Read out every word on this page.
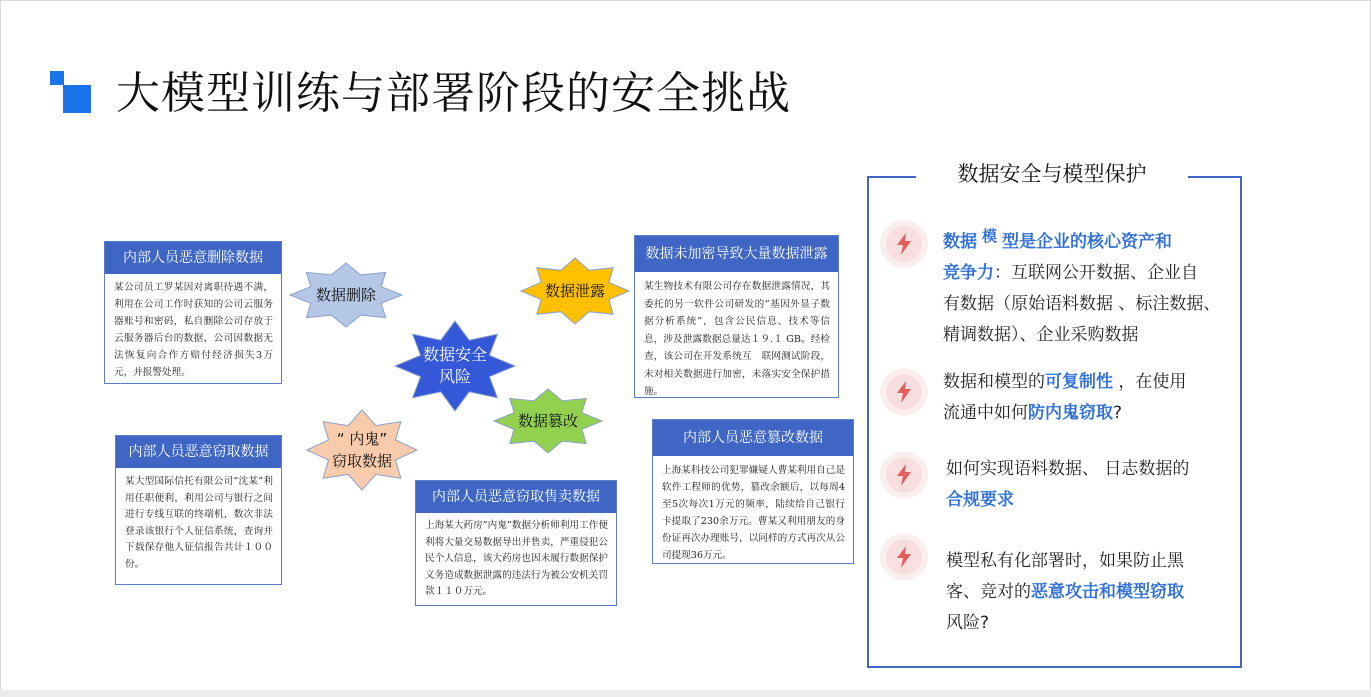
大模型训练与部署阶段的安全挑战
数据安全
风险
数据删除	数据泄露
数据篡改
“ 内鬼”
窃取数据
内部人员恶意删除数据
某公司员工罗某因对离职待遇不满，利用在公司工作时获知的公司云服务器账号和密码，私自删除公司存放于云服务器后台的数据，公司因数据无法恢复向合作方赔付经济损失3万元，并报警处理。
数据未加密导致大量数据泄露
某生物技术有限公司存在数据泄露情况，其委托的另一软件公司研发的”基因外显子数据分析系统”，包含公民信息、技术等信息，涉及泄露数据总量达１９.１ GB。经检查，该公司在开发系统互　联网测试阶段，未对相关数据进行加密，未落实安全保护措施。
内部人员恶意窃取数据
某大型国际信托有限公司”沈某”利用任职便利，利用公司与银行之间进行专线互联的终端机，数次非法登录该银行个人征信系统，查询并下载保存他人征信报告共计１００份。
内部人员恶意窃取售卖数据
上海某大药房”内鬼”数据分析师利用工作便利将大量交易数据导出并售卖，严重侵犯公民个人信息，该大药房也因未履行数据保护义务造成数据泄露的违法行为被公安机关罚款１１０万元。
内部人员恶意篡改数据
上海某科技公司犯罪嫌疑人曹某利用自己是软件工程师的优势，篡改余额后，以每周4至5次每次1万元的频率，陆续给自己银行卡提取了230余万元。曹某又利用朋友的身份证再次办理账号，以同样的方式再次从公司提现36万元。
数据安全与模型保护
数据 模 型是企业的核心资产和
竞争力：互联网公开数据、企业自
有数据（原始语料数据 、标注数据、
精调数据）、企业采购数据
数据和模型的可复制性 ，在使用
流通中如何防内鬼窃取?
如何实现语料数据、 日志数据的
合规要求
模型私有化部署时，如果防止黑
客、竞对的恶意攻击和模型窃取
风险?
